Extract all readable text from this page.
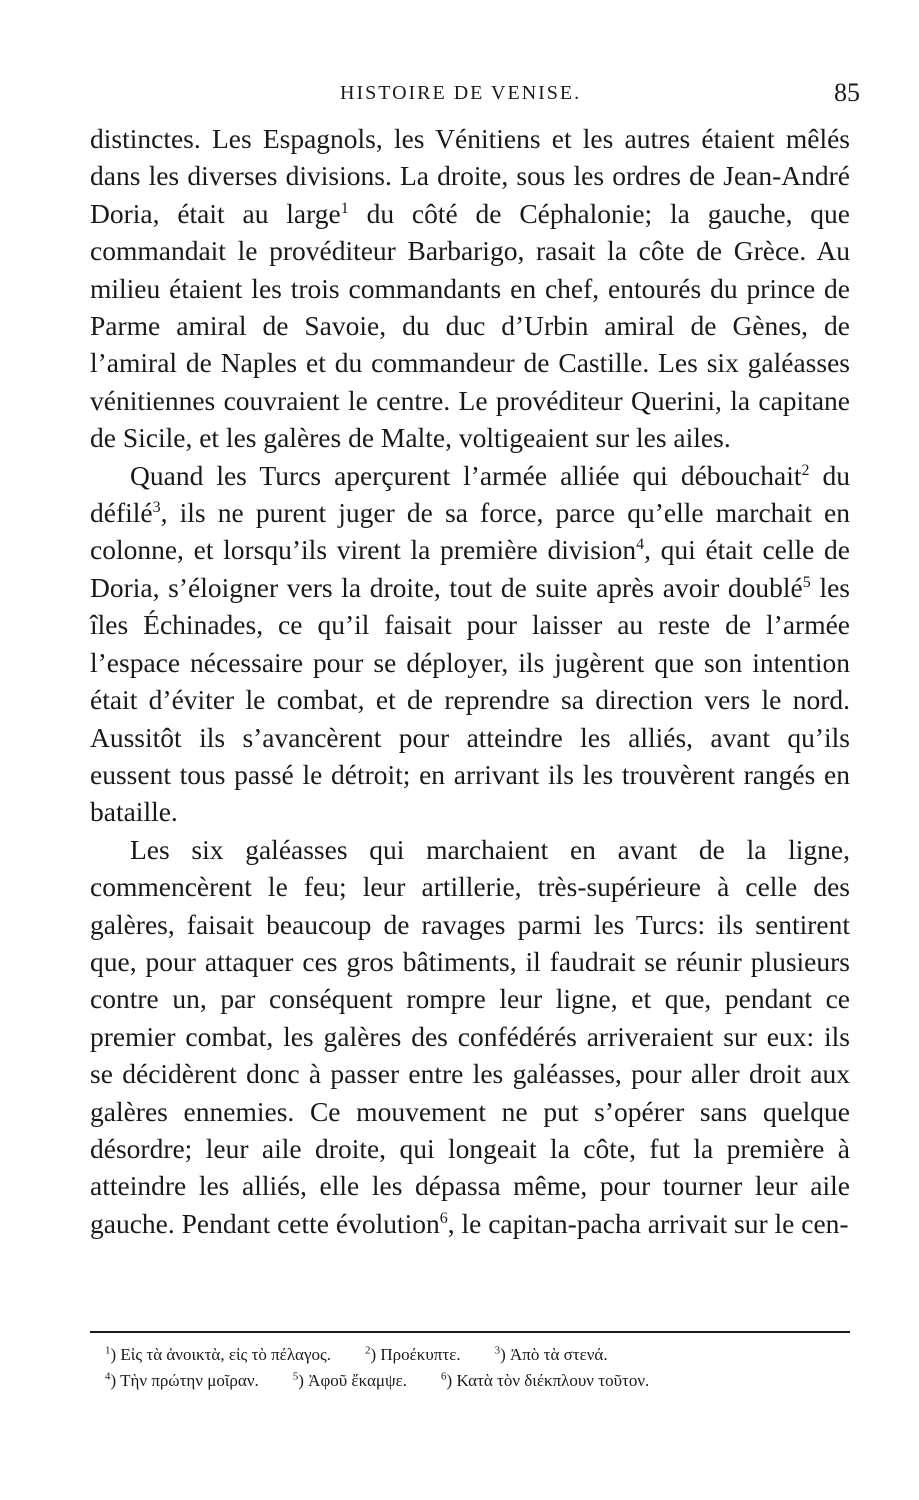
HISTOIRE DE VENISE.	85

distinctes. Les Espagnols, les Vénitiens et les autres étaient mêlés dans les diverses divisions. La droite, sous les ordres de Jean-André Doria, était au large$^1$ du côté de Céphalonie; la gauche, que commandait le provéditeur Barbarigo, rasait la côte de Grèce. Au milieu étaient les trois commandants en chef, entourés du prince de Parme amiral de Savoie, du duc d’Urbin amiral de Gènes, de l’amiral de Naples et du commandeur de Castille. Les six galéasses vénitiennes couvraient le centre. Le provéditeur Querini, la capitane de Sicile, et les galères de Malte, voltigeaient sur les ailes.

Quand les Turcs aperçurent l’armée alliée qui débouchait$^2$ du défilé$^3$, ils ne purent juger de sa force, parce qu’elle marchait en colonne, et lorsqu’ils virent la première division$^4$, qui était celle de Doria, s’éloigner vers la droite, tout de suite après avoir doublé$^5$ les îles Échinades, ce qu’il faisait pour laisser au reste de l’armée l’espace nécessaire pour se déployer, ils jugèrent que son intention était d’éviter le combat, et de reprendre sa direction vers le nord. Aussitôt ils s’avancèrent pour atteindre les alliés, avant qu’ils eussent tous passé le détroit; en arrivant ils les trouvèrent rangés en bataille.

Les six galéasses qui marchaient en avant de la ligne, commencèrent le feu; leur artillerie, très-supérieure à celle des galères, faisait beaucoup de ravages parmi les Turcs: ils sentirent que, pour attaquer ces gros bâtiments, il faudrait se réunir plusieurs contre un, par conséquent rompre leur ligne, et que, pendant ce premier combat, les galères des confédérés arriveraient sur eux: ils se décidèrent donc à passer entre les galéasses, pour aller droit aux galères ennemies. Ce mouvement ne put s’opérer sans quelque désordre; leur aile droite, qui longeait la côte, fut la première à atteindre les alliés, elle les dépassa même, pour tourner leur aile gauche. Pendant cette évolution$^6$, le capitan-pacha arrivait sur le cen-

$^1$) Εἰς τὰ ἀνοικτὰ, εἰς τὸ πέλαγος.	$^2$) Προέκυπτε.	$^3$) Ἀπὸ τὰ στενά.
$^4$) Τὴν πρώτην μοῖραν.	$^5$) Ἀφοῦ ἔκαμψε.	$^6$) Κατὰ τὸν διέκπλουν τοῦτον.
